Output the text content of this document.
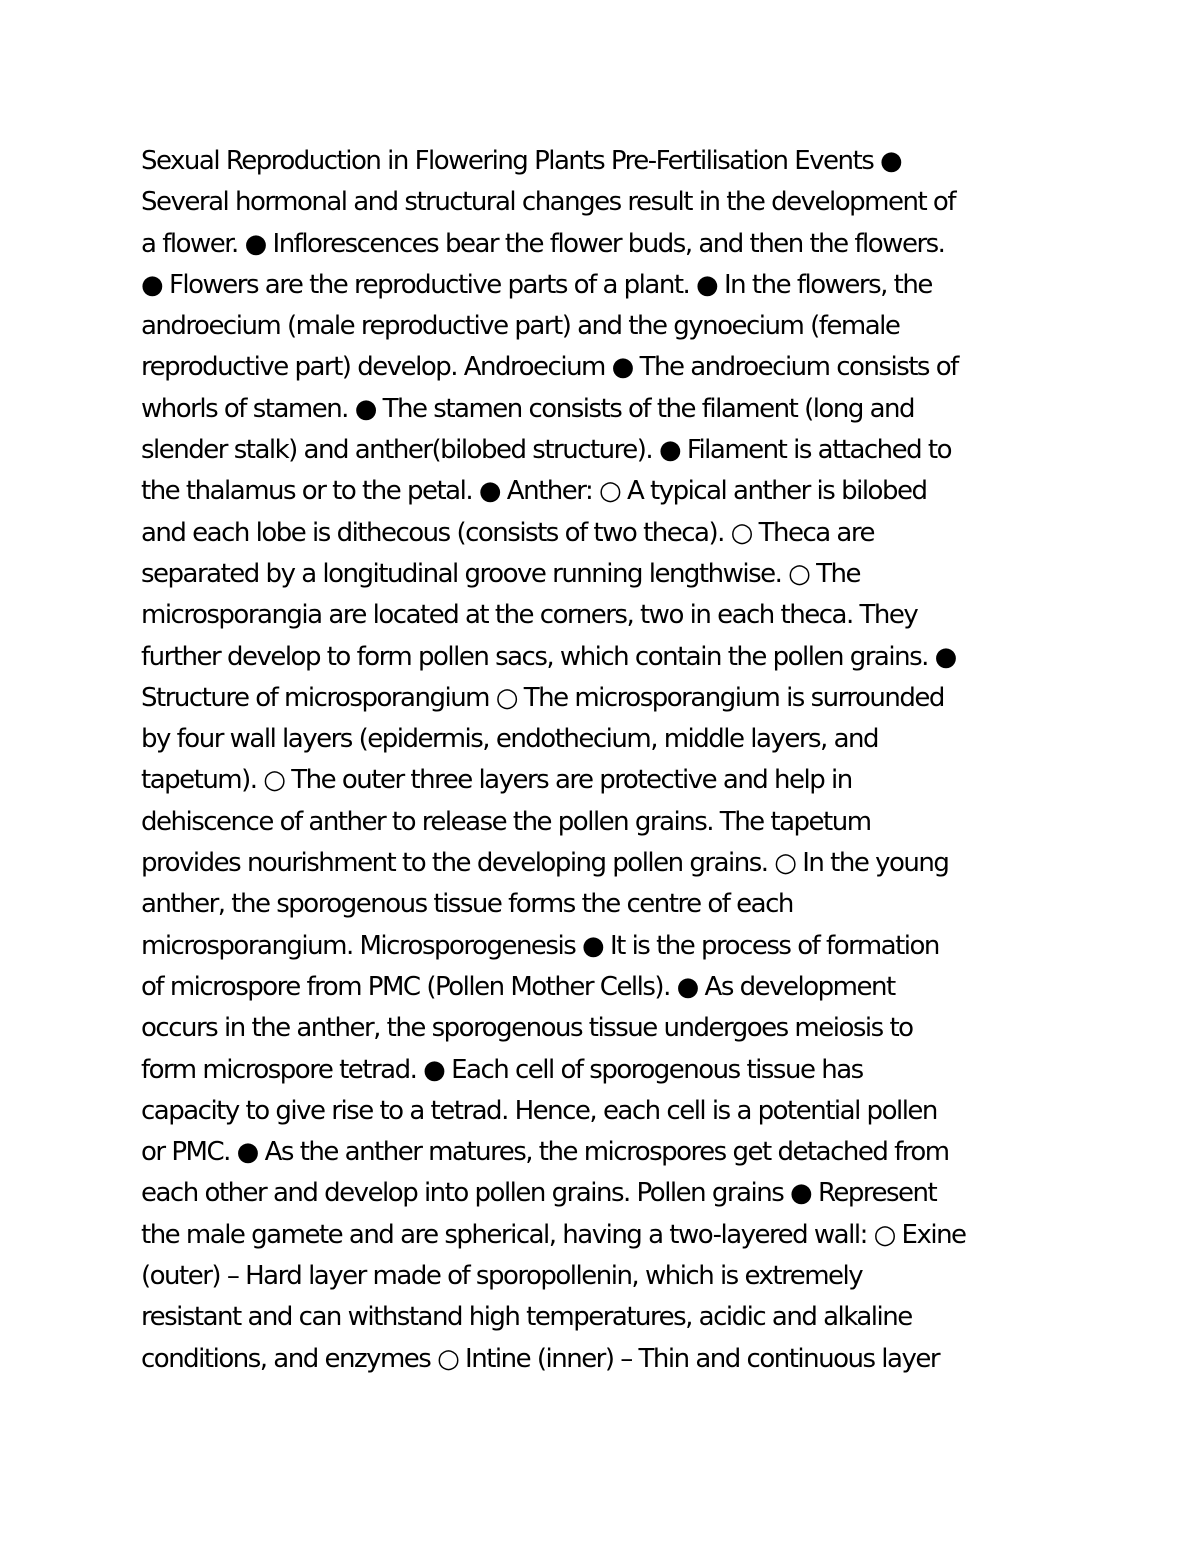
Sexual Reproduction in Flowering Plants Pre-Fertilisation Events ●
Several hormonal and structural changes result in the development of
a flower. ● Inflorescences bear the flower buds, and then the flowers.
● Flowers are the reproductive parts of a plant. ● In the flowers, the
androecium (male reproductive part) and the gynoecium (female
reproductive part) develop. Androecium ● The androecium consists of
whorls of stamen. ● The stamen consists of the filament (long and
slender stalk) and anther(bilobed structure). ● Filament is attached to
the thalamus or to the petal. ● Anther: ○ A typical anther is bilobed
and each lobe is dithecous (consists of two theca). ○ Theca are
separated by a longitudinal groove running lengthwise. ○ The
microsporangia are located at the corners, two in each theca. They
further develop to form pollen sacs, which contain the pollen grains. ●
Structure of microsporangium ○ The microsporangium is surrounded
by four wall layers (epidermis, endothecium, middle layers, and
tapetum). ○ The outer three layers are protective and help in
dehiscence of anther to release the pollen grains. The tapetum
provides nourishment to the developing pollen grains. ○ In the young
anther, the sporogenous tissue forms the centre of each
microsporangium. Microsporogenesis ● It is the process of formation
of microspore from PMC (Pollen Mother Cells). ● As development
occurs in the anther, the sporogenous tissue undergoes meiosis to
form microspore tetrad. ● Each cell of sporogenous tissue has
capacity to give rise to a tetrad. Hence, each cell is a potential pollen
or PMC. ● As the anther matures, the microspores get detached from
each other and develop into pollen grains. Pollen grains ● Represent
the male gamete and are spherical, having a two-layered wall: ○ Exine
(outer) – Hard layer made of sporopollenin, which is extremely
resistant and can withstand high temperatures, acidic and alkaline
conditions, and enzymes ○ Intine (inner) – Thin and continuous layer
